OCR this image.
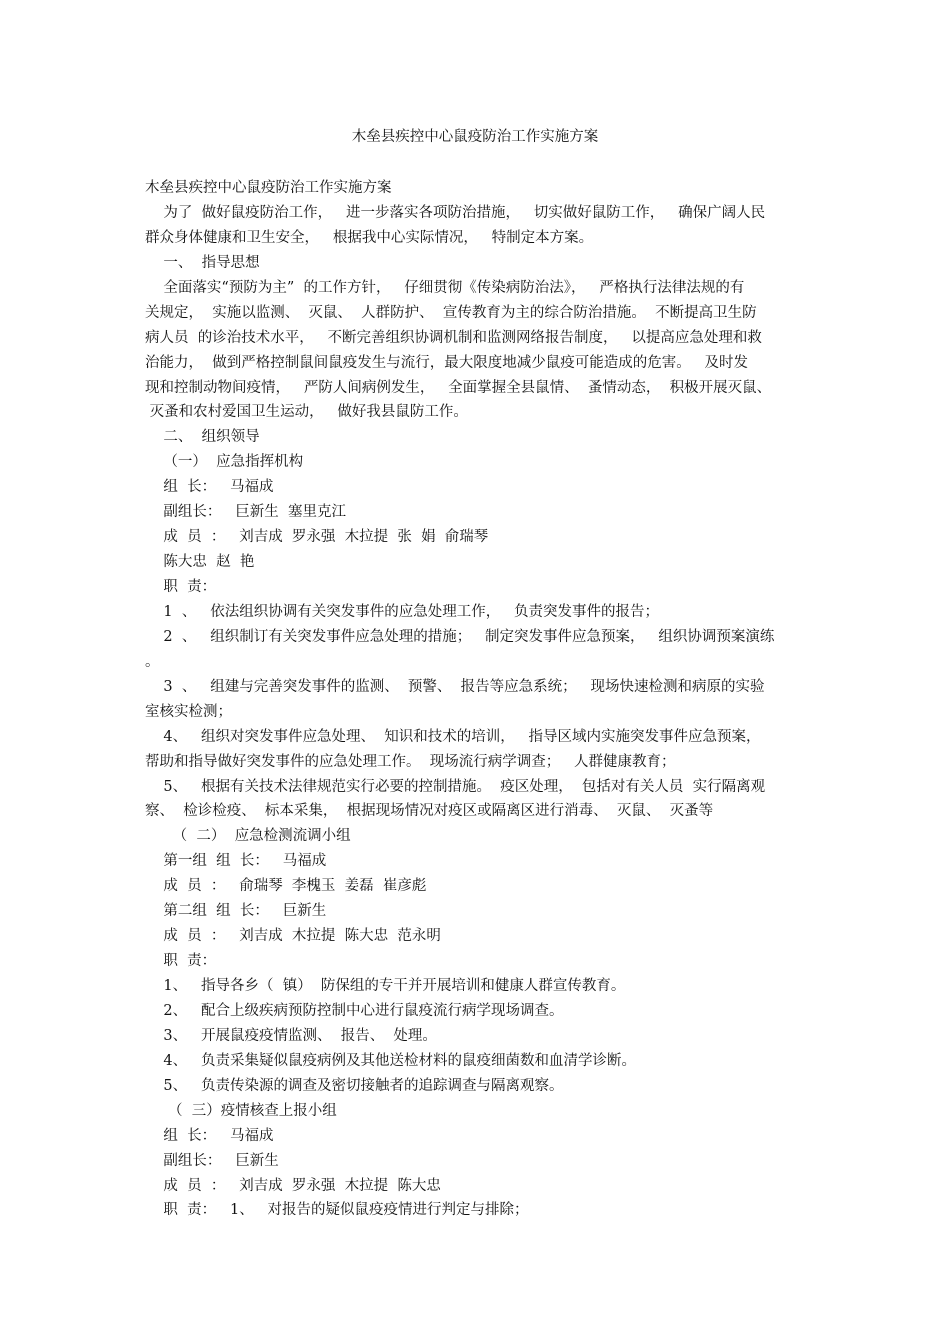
木垒县疾控中心鼠疫防治工作实施方案
木垒县疾控中心鼠疫防治工作实施方案
为了  做好鼠疫防治工作，   进一步落实各项防治措施，   切实做好鼠防工作，   确保广阔人民
群众身体健康和卫生安全，   根据我中心实际情况，   特制定本方案。
一、  指导思想
全面落实“预防为主”  的工作方针，   仔细贯彻《传染病防治法》，   严格执行法律法规的有
关规定，  实施以监测、  灭鼠、  人群防护、  宣传教育为主的综合防治措施。  不断提高卫生防
病人员  的诊治技术水平，   不断完善组织协调机制和监测网络报告制度，   以提高应急处理和救
治能力，  做到严格控制鼠间鼠疫发生与流行，最大限度地减少鼠疫可能造成的危害。   及时发
现和控制动物间疫情，   严防人间病例发生，   全面掌握全县鼠情、  蚤情动态，  积极开展灭鼠、
灭蚤和农村爱国卫生运动，   做好我县鼠防工作。
二、  组织领导
（一）  应急指挥机构
组  长：   马福成
副组长：   巨新生  塞里克江
成  员  ：   刘吉成  罗永强  木拉提  张  娟  俞瑞琴
陈大忠  赵  艳
职  责：
1  、   依法组织协调有关突发事件的应急处理工作，   负责突发事件的报告；
2  、   组织制订有关突发事件应急处理的措施；   制定突发事件应急预案，   组织协调预案演练
。
3  、   组建与完善突发事件的监测、  预警、  报告等应急系统；   现场快速检测和病原的实验
室核实检测；
4、   组织对突发事件应急处理、  知识和技术的培训，   指导区域内实施突发事件应急预案，
帮助和指导做好突发事件的应急处理工作。  现场流行病学调查；   人群健康教育；
5、   根据有关技术法律规范实行必要的控制措施。  疫区处理，  包括对有关人员  实行隔离观
察、  检诊检疫、  标本采集，  根据现场情况对疫区或隔离区进行消毒、  灭鼠、  灭蚤等
（  二）  应急检测流调小组
第一组  组  长：   马福成
成  员  ：   俞瑞琴  李槐玉  姜磊  崔彦彪
第二组  组  长：   巨新生
成  员  ：   刘吉成  木拉提  陈大忠  范永明
职  责：
1、   指导各乡（  镇）  防保组的专干并开展培训和健康人群宣传教育。
2、   配合上级疾病预防控制中心进行鼠疫流行病学现场调查。
3、   开展鼠疫疫情监测、  报告、  处理。
4、   负责采集疑似鼠疫病例及其他送检材料的鼠疫细菌数和血清学诊断。
5、   负责传染源的调查及密切接触者的追踪调查与隔离观察。
（  三）疫情核查上报小组
组  长：   马福成
副组长：   巨新生
成  员  ：   刘吉成  罗永强  木拉提  陈大忠
职  责：   1、   对报告的疑似鼠疫疫情进行判定与排除；
